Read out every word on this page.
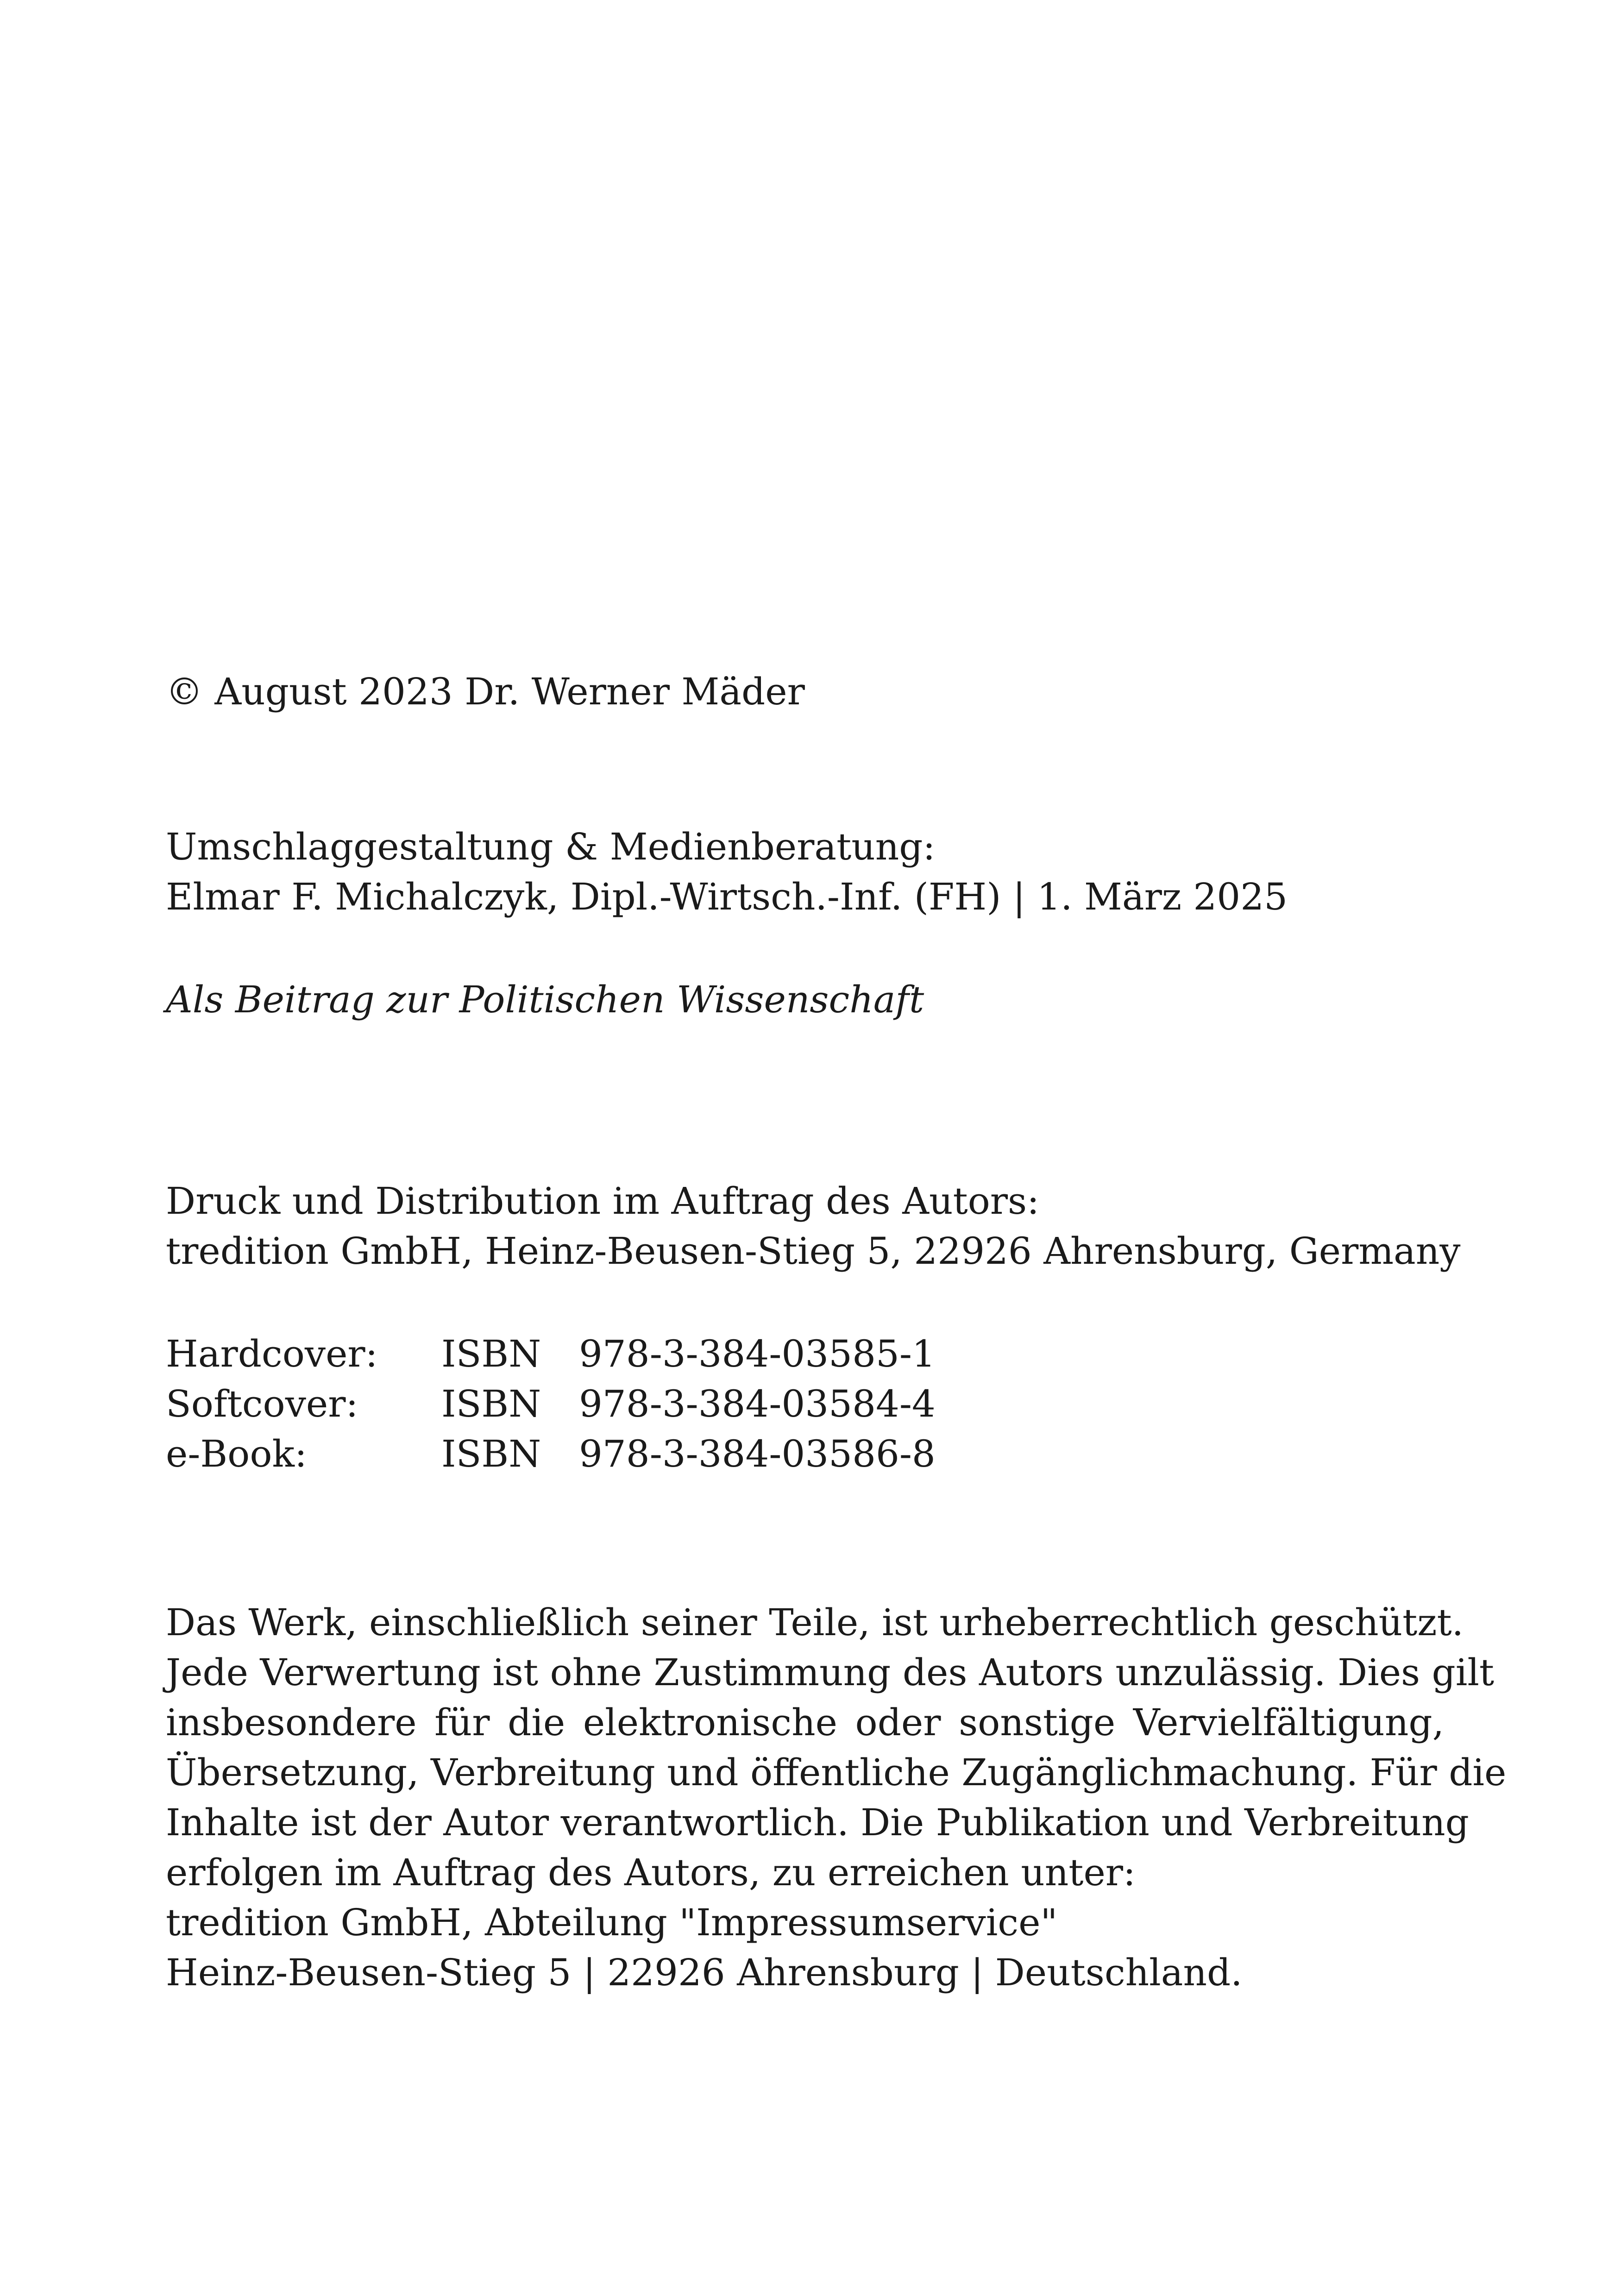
© August 2023 Dr. Werner Mäder
Umschlaggestaltung & Medienberatung:
Elmar F. Michalczyk, Dipl.-Wirtsch.-Inf. (FH) | 1. März 2025
Als Beitrag zur Politischen Wissenschaft
Druck und Distribution im Auftrag des Autors:
tredition GmbH, Heinz-Beusen-Stieg 5, 22926 Ahrensburg, Germany
Hardcover: ISBN 978-3-384-03585-1
Softcover: ISBN 978-3-384-03584-4
e-Book:	ISBN 978-3-384-03586-8
Das Werk, einschließlich seiner Teile, ist urheberrechtlich geschützt.
Jede Verwertung ist ohne Zustimmung des Autors unzulässig. Dies gilt
insbesondere für die elektronische oder sonstige Vervielfältigung,
Übersetzung, Verbreitung und öffentliche Zugänglichmachung. Für die
Inhalte ist der Autor verantwortlich. Die Publikation und Verbreitung
erfolgen im Auftrag des Autors, zu erreichen unter:
tredition GmbH, Abteilung "Impressumservice"
Heinz-Beusen-Stieg 5 | 22926 Ahrensburg | Deutschland.
